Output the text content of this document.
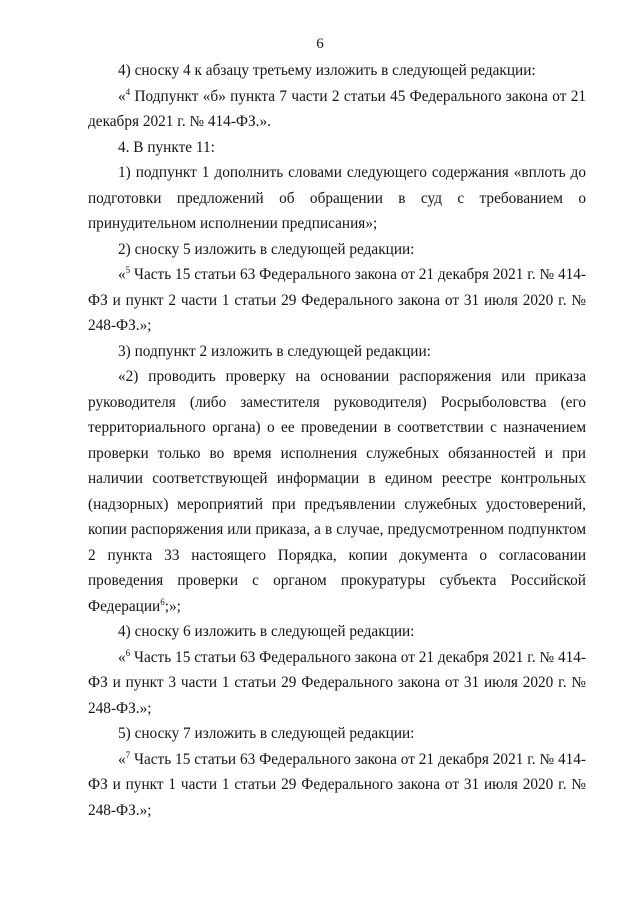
6

4) сноску 4 к абзацу третьему изложить в следующей редакции:

«$^4$ Подпункт «б» пункта 7 части 2 статьи 45 Федерального закона от 21 декабря 2021 г. № 414-ФЗ.».

4. В пункте 11:

1) подпункт 1 дополнить словами следующего содержания «вплоть до подготовки предложений об обращении в суд с требованием о принудительном исполнении предписания»;

2) сноску 5 изложить в следующей редакции:

«$^5$ Часть 15 статьи 63 Федерального закона от 21 декабря 2021 г. № 414-ФЗ и пункт 2 части 1 статьи 29 Федерального закона от 31 июля 2020 г. № 248-ФЗ.»;

3) подпункт 2 изложить в следующей редакции:

«2) проводить проверку на основании распоряжения или приказа руководителя (либо заместителя руководителя) Росрыболовства (его территориального органа) о ее проведении в соответствии с назначением проверки только во время исполнения служебных обязанностей и при наличии соответствующей информации в едином реестре контрольных (надзорных) мероприятий при предъявлении служебных удостоверений, копии распоряжения или приказа, а в случае, предусмотренном подпунктом 2 пункта 33 настоящего Порядка, копии документа о согласовании проведения проверки с органом прокуратуры субъекта Российской Федерации$^6$;»;

4) сноску 6 изложить в следующей редакции:

«$^6$ Часть 15 статьи 63 Федерального закона от 21 декабря 2021 г. № 414-ФЗ и пункт 3 части 1 статьи 29 Федерального закона от 31 июля 2020 г. № 248-ФЗ.»;

5) сноску 7 изложить в следующей редакции:

«$^7$ Часть 15 статьи 63 Федерального закона от 21 декабря 2021 г. № 414-ФЗ и пункт 1 части 1 статьи 29 Федерального закона от 31 июля 2020 г. № 248-ФЗ.»;
